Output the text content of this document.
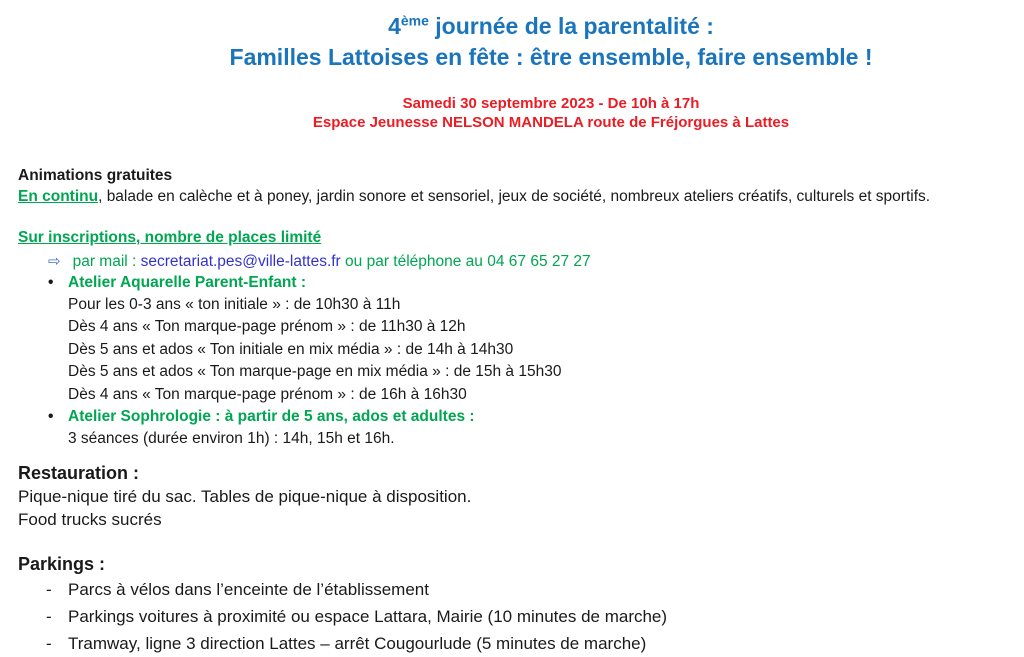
4ème journée de la parentalité :
Familles Lattoises en fête : être ensemble, faire ensemble !
Samedi 30 septembre 2023 - De 10h à 17h
Espace Jeunesse NELSON MANDELA route de Fréjorgues à Lattes
Animations gratuites
En continu, balade en calèche et à poney, jardin sonore et sensoriel, jeux de société, nombreux ateliers créatifs, culturels et sportifs.
Sur inscriptions, nombre de places limité
⇨ par mail : secretariat.pes@ville-lattes.fr ou par téléphone au 04 67 65 27 27
• Atelier Aquarelle Parent-Enfant :
Pour les 0-3 ans « ton initiale » : de 10h30 à 11h
Dès 4 ans « Ton marque-page prénom » : de 11h30 à 12h
Dès 5 ans et ados « Ton initiale en mix média » : de 14h à 14h30
Dès 5 ans et ados « Ton marque-page en mix média » : de 15h à 15h30
Dès 4 ans « Ton marque-page prénom » : de 16h à 16h30
• Atelier Sophrologie : à partir de 5 ans, ados et adultes :
3 séances (durée environ 1h) : 14h, 15h et 16h.
Restauration :
Pique-nique tiré du sac. Tables de pique-nique à disposition.
Food trucks sucrés
Parkings :
- Parcs à vélos dans l’enceinte de l’établissement
- Parkings voitures à proximité ou espace Lattara, Mairie (10 minutes de marche)
- Tramway, ligne 3 direction Lattes – arrêt Cougourlude (5 minutes de marche)
